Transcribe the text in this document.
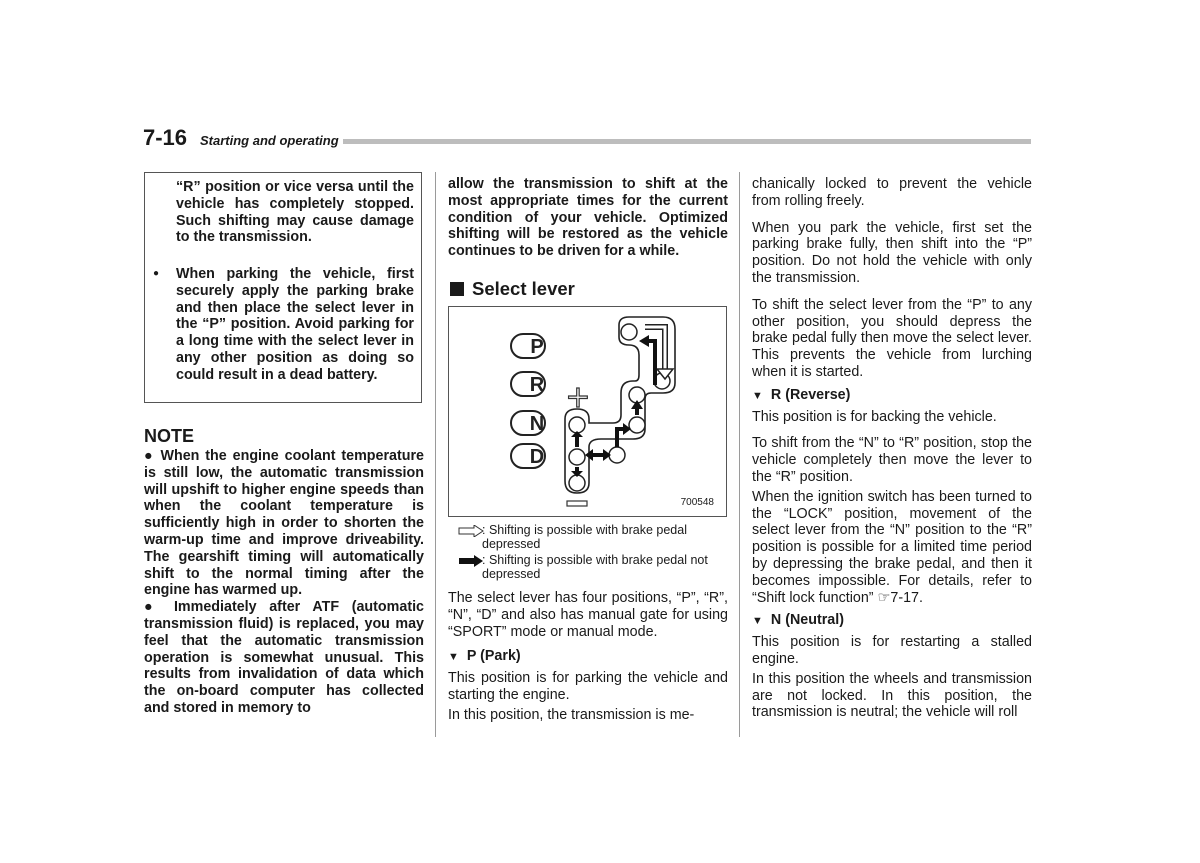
7-16 Starting and operating
“R” position or vice versa until the vehicle has completely stopped. Such shifting may cause damage to the transmission.
● When parking the vehicle, first securely apply the parking brake and then place the select lever in the “P” position. Avoid parking for a long time with the select lever in any other position as doing so could result in a dead battery.
NOTE

● When the engine coolant temperature is still low, the automatic transmission will upshift to higher engine speeds than when the coolant temperature is sufficiently high in order to shorten the warm-up time and improve driveability. The gearshift timing will automatically shift to the normal timing after the engine has warmed up.

● Immediately after ATF (automatic transmission fluid) is replaced, you may feel that the automatic transmission operation is somewhat unusual. This results from invalidation of data which the on-board computer has collected and stored in memory to

allow the transmission to shift at the most appropriate times for the current condition of your vehicle. Optimized shifting will be restored as the vehicle continues to be driven for a while.
Select lever
P
R
N
D
+
700548
: Shifting is possible with brake pedal depressed
: Shifting is possible with brake pedal not depressed

The select lever has four positions, “P”, “R”, “N”, “D” and also has manual gate for using “SPORT” mode or manual mode.

▼ P (Park)

This position is for parking the vehicle and starting the engine.

In this position, the transmission is me-

chanically locked to prevent the vehicle from rolling freely.

When you park the vehicle, first set the parking brake fully, then shift into the “P” position. Do not hold the vehicle with only the transmission.

To shift the select lever from the “P” to any other position, you should depress the brake pedal fully then move the select lever. This prevents the vehicle from lurching when it is started.

▼ R (Reverse)

This position is for backing the vehicle.

To shift from the “N” to “R” position, stop the vehicle completely then move the lever to the “R” position.

When the ignition switch has been turned to the “LOCK” position, movement of the select lever from the “N” position to the “R” position is possible for a limited time period by depressing the brake pedal, and then it becomes impossible. For details, refer to “Shift lock function” ☞7-17.

▼ N (Neutral)

This position is for restarting a stalled engine.

In this position the wheels and transmission are not locked. In this position, the transmission is neutral; the vehicle will roll
